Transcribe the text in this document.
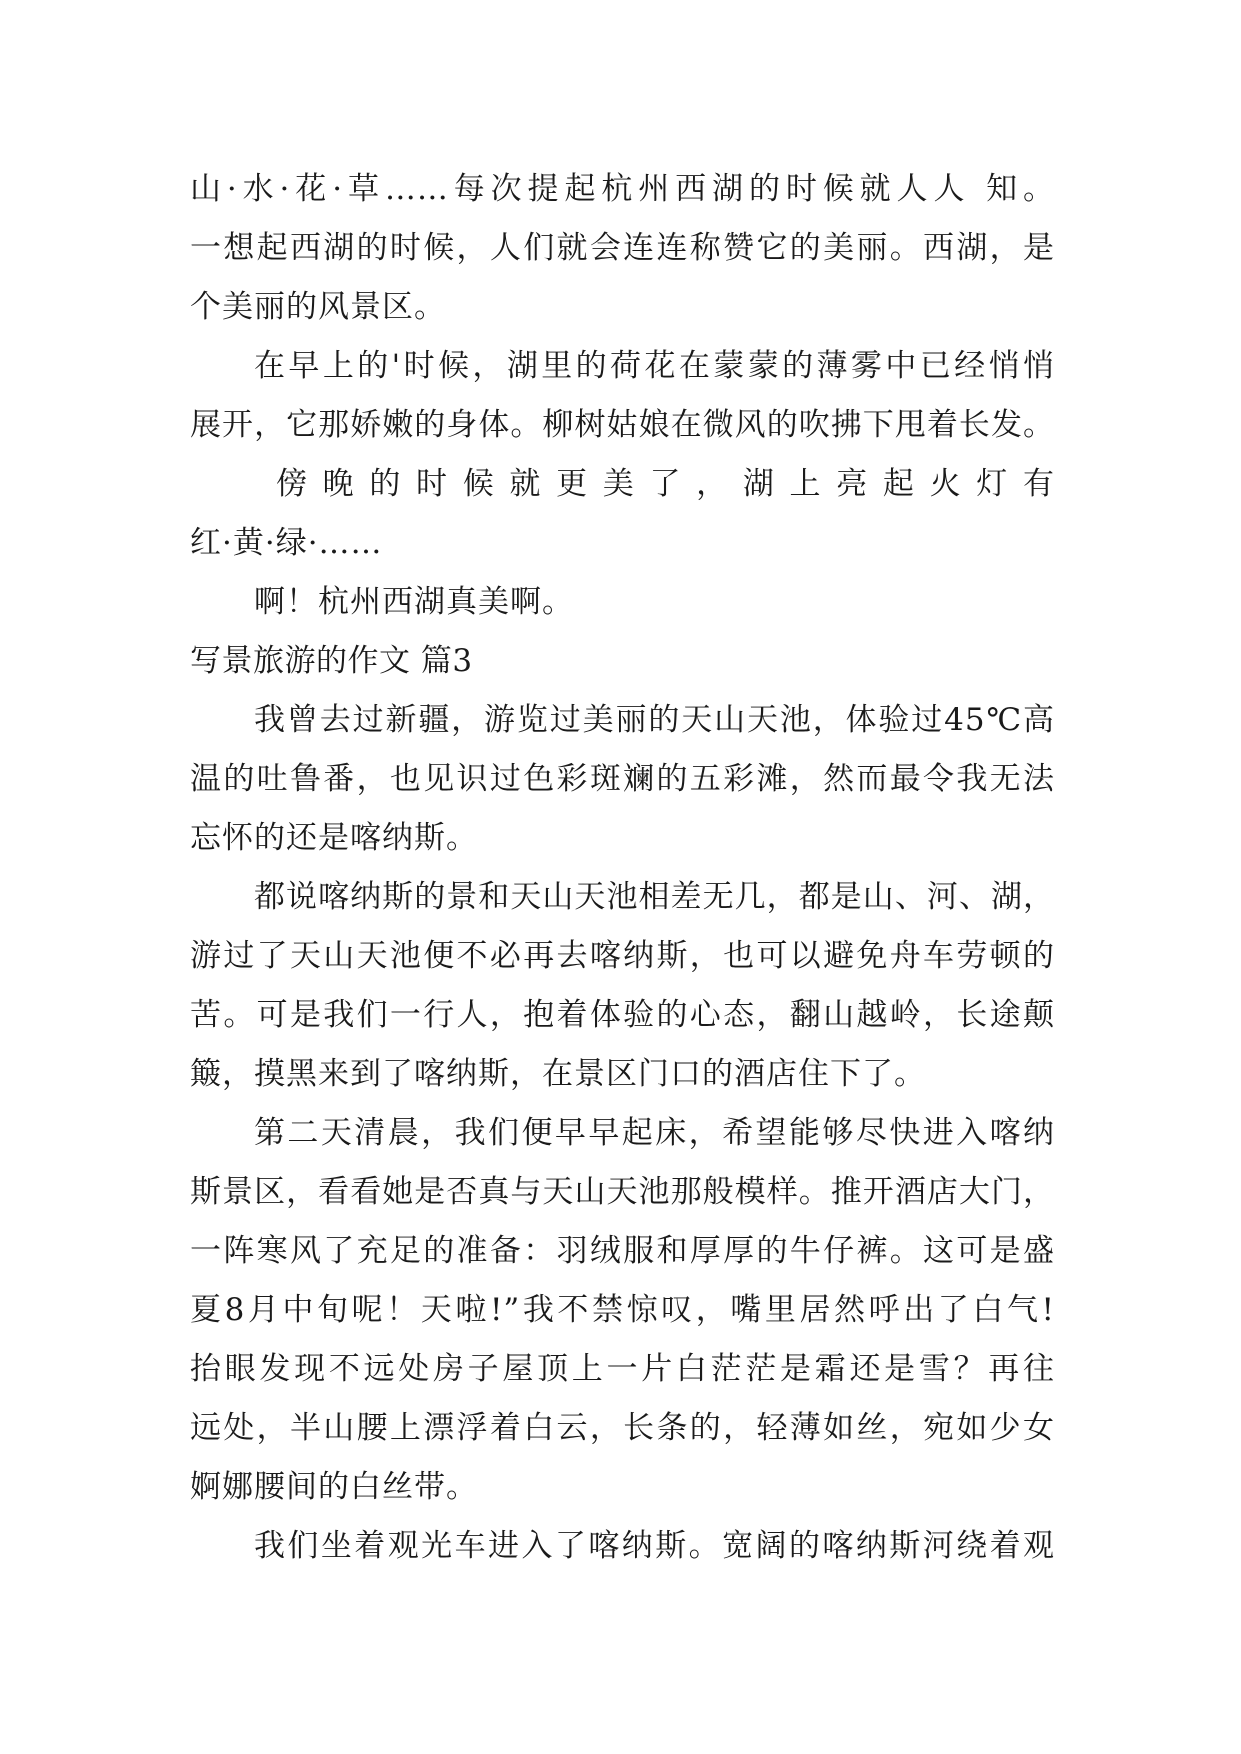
山·水·花·草……每次提起杭州西湖的时候就人人 知。
一想起西湖的时候，人们就会连连称赞它的美丽。西湖，是
个美丽的风景区。
在早上的'时候，湖里的荷花在蒙蒙的薄雾中已经悄悄
展开，它那娇嫩的身体。柳树姑娘在微风的吹拂下甩着长发。
傍晚的时候就更美了，湖上亮起火灯有
红·黄·绿·……
啊！杭州西湖真美啊。
写景旅游的作文 篇3
我曾去过新疆，游览过美丽的天山天池，体验过45℃高
温的吐鲁番，也见识过色彩斑斓的五彩滩，然而最令我无法
忘怀的还是喀纳斯。
都说喀纳斯的景和天山天池相差无几，都是山、河、湖，
游过了天山天池便不必再去喀纳斯，也可以避免舟车劳顿的
苦。可是我们一行人，抱着体验的心态，翻山越岭，长途颠
簸，摸黑来到了喀纳斯，在景区门口的酒店住下了。
第二天清晨，我们便早早起床，希望能够尽快进入喀纳
斯景区，看看她是否真与天山天池那般模样。推开酒店大门，
一阵寒风了充足的准备：羽绒服和厚厚的牛仔裤。这可是盛
夏8月中旬呢！天啦!”我不禁惊叹，嘴里居然呼出了白气!
抬眼发现不远处房子屋顶上一片白茫茫是霜还是雪？再往
远处，半山腰上漂浮着白云，长条的，轻薄如丝，宛如少女
婀娜腰间的白丝带。
我们坐着观光车进入了喀纳斯。宽阔的喀纳斯河绕着观
